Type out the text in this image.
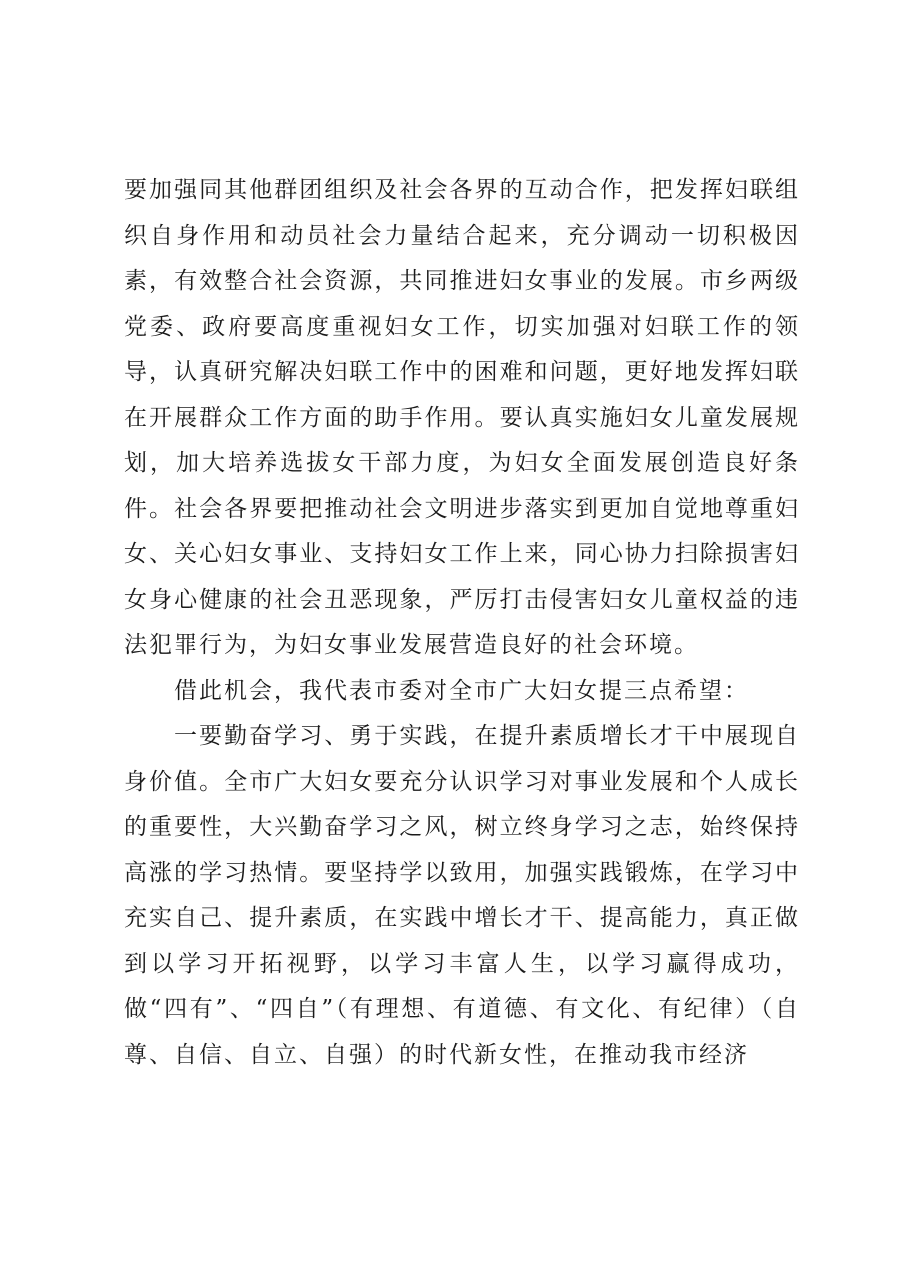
要加强同其他群团组织及社会各界的互动合作，把发挥妇联组织自身作用和动员社会力量结合起来，充分调动一切积极因素，有效整合社会资源，共同推进妇女事业的发展。市乡两级党委、政府要高度重视妇女工作，切实加强对妇联工作的领导，认真研究解决妇联工作中的困难和问题，更好地发挥妇联在开展群众工作方面的助手作用。要认真实施妇女儿童发展规划，加大培养选拔女干部力度，为妇女全面发展创造良好条件。社会各界要把推动社会文明进步落实到更加自觉地尊重妇女、关心妇女事业、支持妇女工作上来，同心协力扫除损害妇女身心健康的社会丑恶现象，严厉打击侵害妇女儿童权益的违法犯罪行为，为妇女事业发展营造良好的社会环境。

借此机会，我代表市委对全市广大妇女提三点希望：

一要勤奋学习、勇于实践，在提升素质增长才干中展现自身价值。全市广大妇女要充分认识学习对事业发展和个人成长的重要性，大兴勤奋学习之风，树立终身学习之志，始终保持高涨的学习热情。要坚持学以致用，加强实践锻炼，在学习中充实自己、提升素质，在实践中增长才干、提高能力，真正做到以学习开拓视野，以学习丰富人生，以学习赢得成功，做“四有”、“四自”（有理想、有道德、有文化、有纪律）（自尊、自信、自立、自强）的时代新女性，在推动我市经济
